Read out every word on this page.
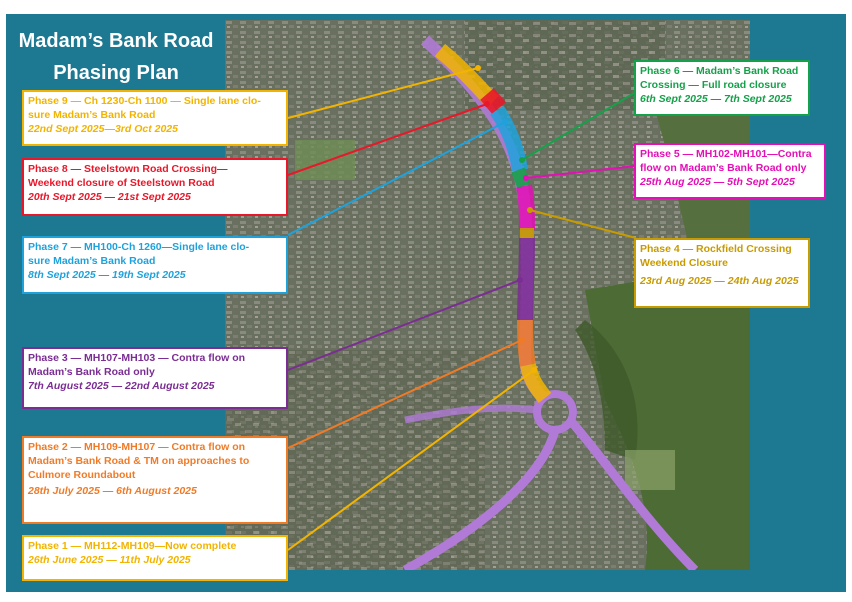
Madam’s Bank Road
Phasing Plan
Phase 9 — Ch 1230-Ch 1100 — Single lane clo-
sure Madam’s Bank Road
22nd Sept 2025—3rd Oct 2025
Phase 8 — Steelstown Road Crossing—
Weekend closure of Steelstown Road
20th Sept 2025 — 21st Sept 2025
Phase 7 — MH100-Ch 1260—Single lane clo-
sure Madam’s Bank Road
8th Sept 2025 — 19th Sept 2025
Phase 3 — MH107-MH103 — Contra flow on
Madam’s Bank Road only
7th August 2025 — 22nd August 2025
Phase 2 — MH109-MH107 — Contra flow on
Madam’s Bank Road & TM on approaches to
Culmore Roundabout
28th July 2025 — 6th August 2025
Phase 1 — MH112-MH109—Now complete
26th June 2025 — 11th July 2025
Phase 6 — Madam’s Bank Road
Crossing — Full road closure
6th Sept 2025 — 7th Sept 2025
Phase 5 — MH102-MH101—Contra
flow on Madam’s Bank Road only
25th Aug 2025 — 5th Sept 2025
Phase 4 — Rockfield Crossing
Weekend Closure
23rd Aug 2025 — 24th Aug 2025
